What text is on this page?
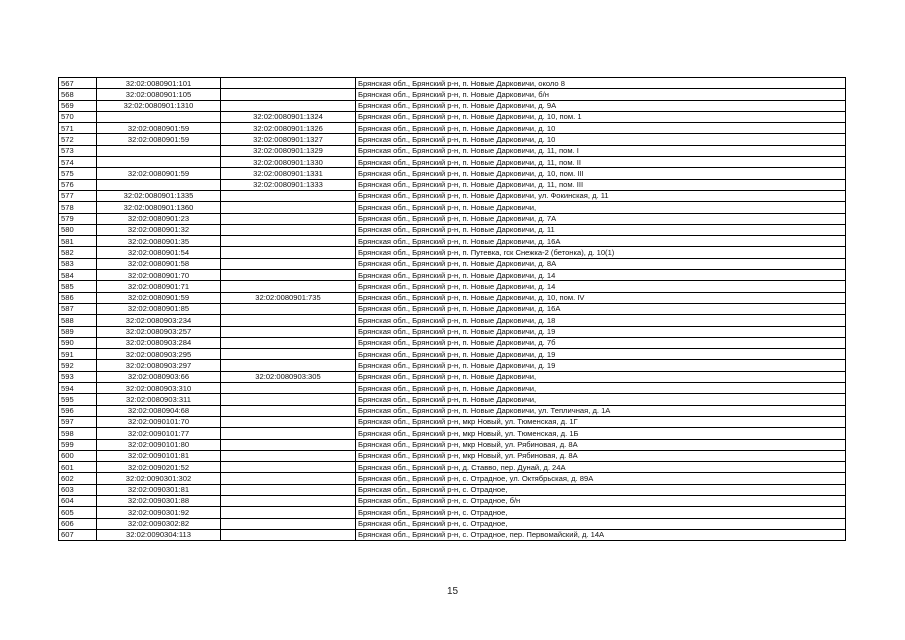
567	32:02:0080901:101		Брянская обл., Брянский р-н, п. Новые Дарковичи, около 8
568	32:02:0080901:105		Брянская обл., Брянский р-н, п. Новые Дарковичи, б/н
569	32:02:0080901:1310		Брянская обл., Брянский р-н, п. Новые Дарковичи, д. 9А
570		32:02:0080901:1324	Брянская обл., Брянский р-н, п. Новые Дарковичи, д. 10, пом. 1
571	32:02:0080901:59	32:02:0080901:1326	Брянская обл., Брянский р-н, п. Новые Дарковичи, д. 10
572	32:02:0080901:59	32:02:0080901:1327	Брянская обл., Брянский р-н, п. Новые Дарковичи, д. 10
573		32:02:0080901:1329	Брянская обл., Брянский р-н, п. Новые Дарковичи, д. 11, пом. I
574		32:02:0080901:1330	Брянская обл., Брянский р-н, п. Новые Дарковичи, д. 11, пом. II
575	32:02:0080901:59	32:02:0080901:1331	Брянская обл., Брянский р-н, п. Новые Дарковичи, д. 10, пом. III
576		32:02:0080901:1333	Брянская обл., Брянский р-н, п. Новые Дарковичи, д. 11, пом. III
577	32:02:0080901:1335		Брянская обл., Брянский р-н, п. Новые Дарковичи, ул. Фокинская, д. 11
578	32:02:0080901:1360		Брянская обл., Брянский р-н, п. Новые Дарковичи,
579	32:02:0080901:23		Брянская обл., Брянский р-н, п. Новые Дарковичи, д. 7А
580	32:02:0080901:32		Брянская обл., Брянский р-н, п. Новые Дарковичи, д. 11
581	32:02:0080901:35		Брянская обл., Брянский р-н, п. Новые Дарковичи, д. 16А
582	32:02:0080901:54		Брянская обл., Брянский р-н, п. Путевка, гск Снежка-2 (бетонка), д. 10(1)
583	32:02:0080901:58		Брянская обл., Брянский р-н, п. Новые Дарковичи, д. 8А
584	32:02:0080901:70		Брянская обл., Брянский р-н, п. Новые Дарковичи, д. 14
585	32:02:0080901:71		Брянская обл., Брянский р-н, п. Новые Дарковичи, д. 14
586	32:02:0080901:59	32:02:0080901:735	Брянская обл., Брянский р-н, п. Новые Дарковичи, д. 10, пом. IV
587	32:02:0080901:85		Брянская обл., Брянский р-н, п. Новые Дарковичи, д. 16А
588	32:02:0080903:234		Брянская обл., Брянский р-н, п. Новые Дарковичи, д. 18
589	32:02:0080903:257		Брянская обл., Брянский р-н, п. Новые Дарковичи, д. 19
590	32:02:0080903:284		Брянская обл., Брянский р-н, п. Новые Дарковичи, д. 7б
591	32:02:0080903:295		Брянская обл., Брянский р-н, п. Новые Дарковичи, д. 19
592	32:02:0080903:297		Брянская обл., Брянский р-н, п. Новые Дарковичи, д. 19
593	32:02:0080903:66	32:02:0080903:305	Брянская обл., Брянский р-н, п. Новые Дарковичи,
594	32:02:0080903:310		Брянская обл., Брянский р-н, п. Новые Дарковичи,
595	32:02:0080903:311		Брянская обл., Брянский р-н, п. Новые Дарковичи,
596	32:02:0080904:68		Брянская обл., Брянский р-н, п. Новые Дарковичи, ул. Тепличная, д. 1А
597	32:02:0090101:70		Брянская обл., Брянский р-н, мкр Новый, ул. Тюменская, д. 1Г
598	32:02:0090101:77		Брянская обл., Брянский р-н, мкр Новый, ул. Тюменская, д. 1Б
599	32:02:0090101:80		Брянская обл., Брянский р-н, мкр Новый, ул. Рябиновая, д. 8А
600	32:02:0090101:81		Брянская обл., Брянский р-н, мкр Новый, ул. Рябиновая, д. 8А
601	32:02:0090201:52		Брянская обл., Брянский р-н, д. Ставво, пер. Дунай, д. 24А
602	32:02:0090301:302		Брянская обл., Брянский р-н, с. Отрадное, ул. Октябрьская, д. 89А
603	32:02:0090301:81		Брянская обл., Брянский р-н, с. Отрадное,
604	32:02:0090301:88		Брянская обл., Брянский р-н, с. Отрадное, б/н
605	32:02:0090301:92		Брянская обл., Брянский р-н, с. Отрадное,
606	32:02:0090302:82		Брянская обл., Брянский р-н, с. Отрадное,
607	32:02:0090304:113		Брянская обл., Брянский р-н, с. Отрадное, пер. Первомайский, д. 14А
15
